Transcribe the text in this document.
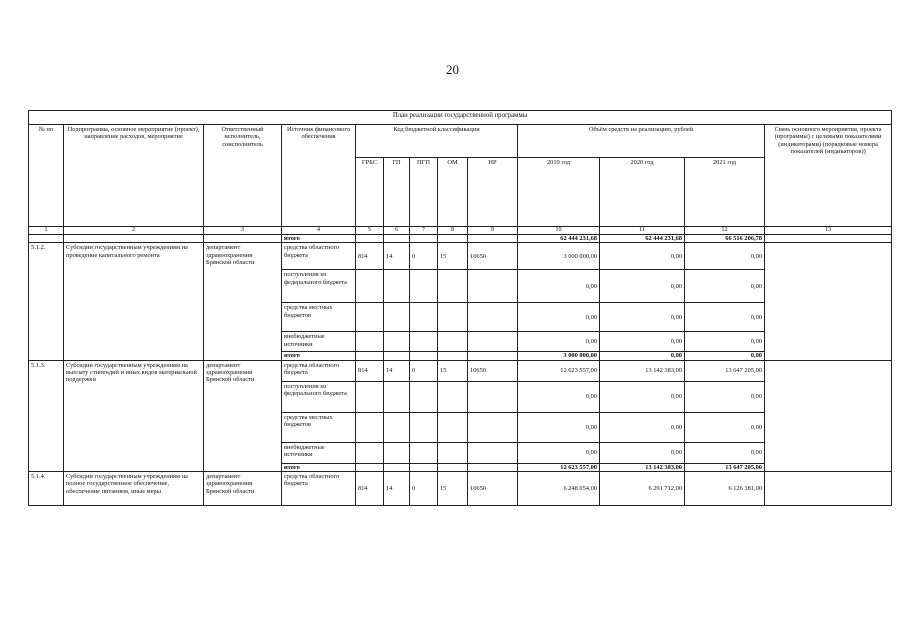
20
План реализации государственной программы												
№ пп	Подпрограмма, основное мероприятие (проект), направление расходов, мероприятие	Ответственный исполнитель, соисполнитель	Источник финансового обеспечения	Код бюджетной классификации					Объём средств на реализацию, рублей			Связь основного мероприятия, проекта (программы) с целевыми показателями (индикаторами) (порядковые номера показателей (индикаторов))
				ГРБС	ГП	ПГП	ОМ	НР	2019 год	2020 год	2021 год	
1	2	3	4	5	6	7	8	9	10	11	12	13
			итого						62 444 231,68	62 444 231,68	66 516 206,78	
5.1.2.	Субсидии государственным учреждениям на проведение капитального ремонта	департамент здравоохранения Брянской области	средства областного бюджета	814	14	0	15	10650	3 000 000,00	0,00	0,00	
			поступления из федерального бюджета						0,00	0,00	0,00	
			средства местных бюджетов						0,00	0,00	0,00	
			внебюджетные источники						0,00	0,00	0,00	
			итого						3 000 000,00	0,00	0,00	
5.1.3.	Субсидии государственным учреждениям на выплату стипендий и иных видов материальной поддержки	департамент здравоохранения Брянской области	средства областного бюджета	814	14	0	15	10650	12 623 557,00	13 142 383,00	13 647 205,00	
			поступления из федерального бюджета						0,00	0,00	0,00	
			средства местных бюджетов						0,00	0,00	0,00	
			внебюджетные источники						0,00	0,00	0,00	
			итого						12 623 557,00	13 142 383,00	13 647 205,00	
5.1.4.	Субсидии государственным учреждениям на полное государственное обеспечение, обеспечение питанием, иные меры	департамент здравоохранения Брянской области	средства областного бюджета	814	14	0	15	10650	6 248 054,00	6 291 712,00	6 126 381,00	
